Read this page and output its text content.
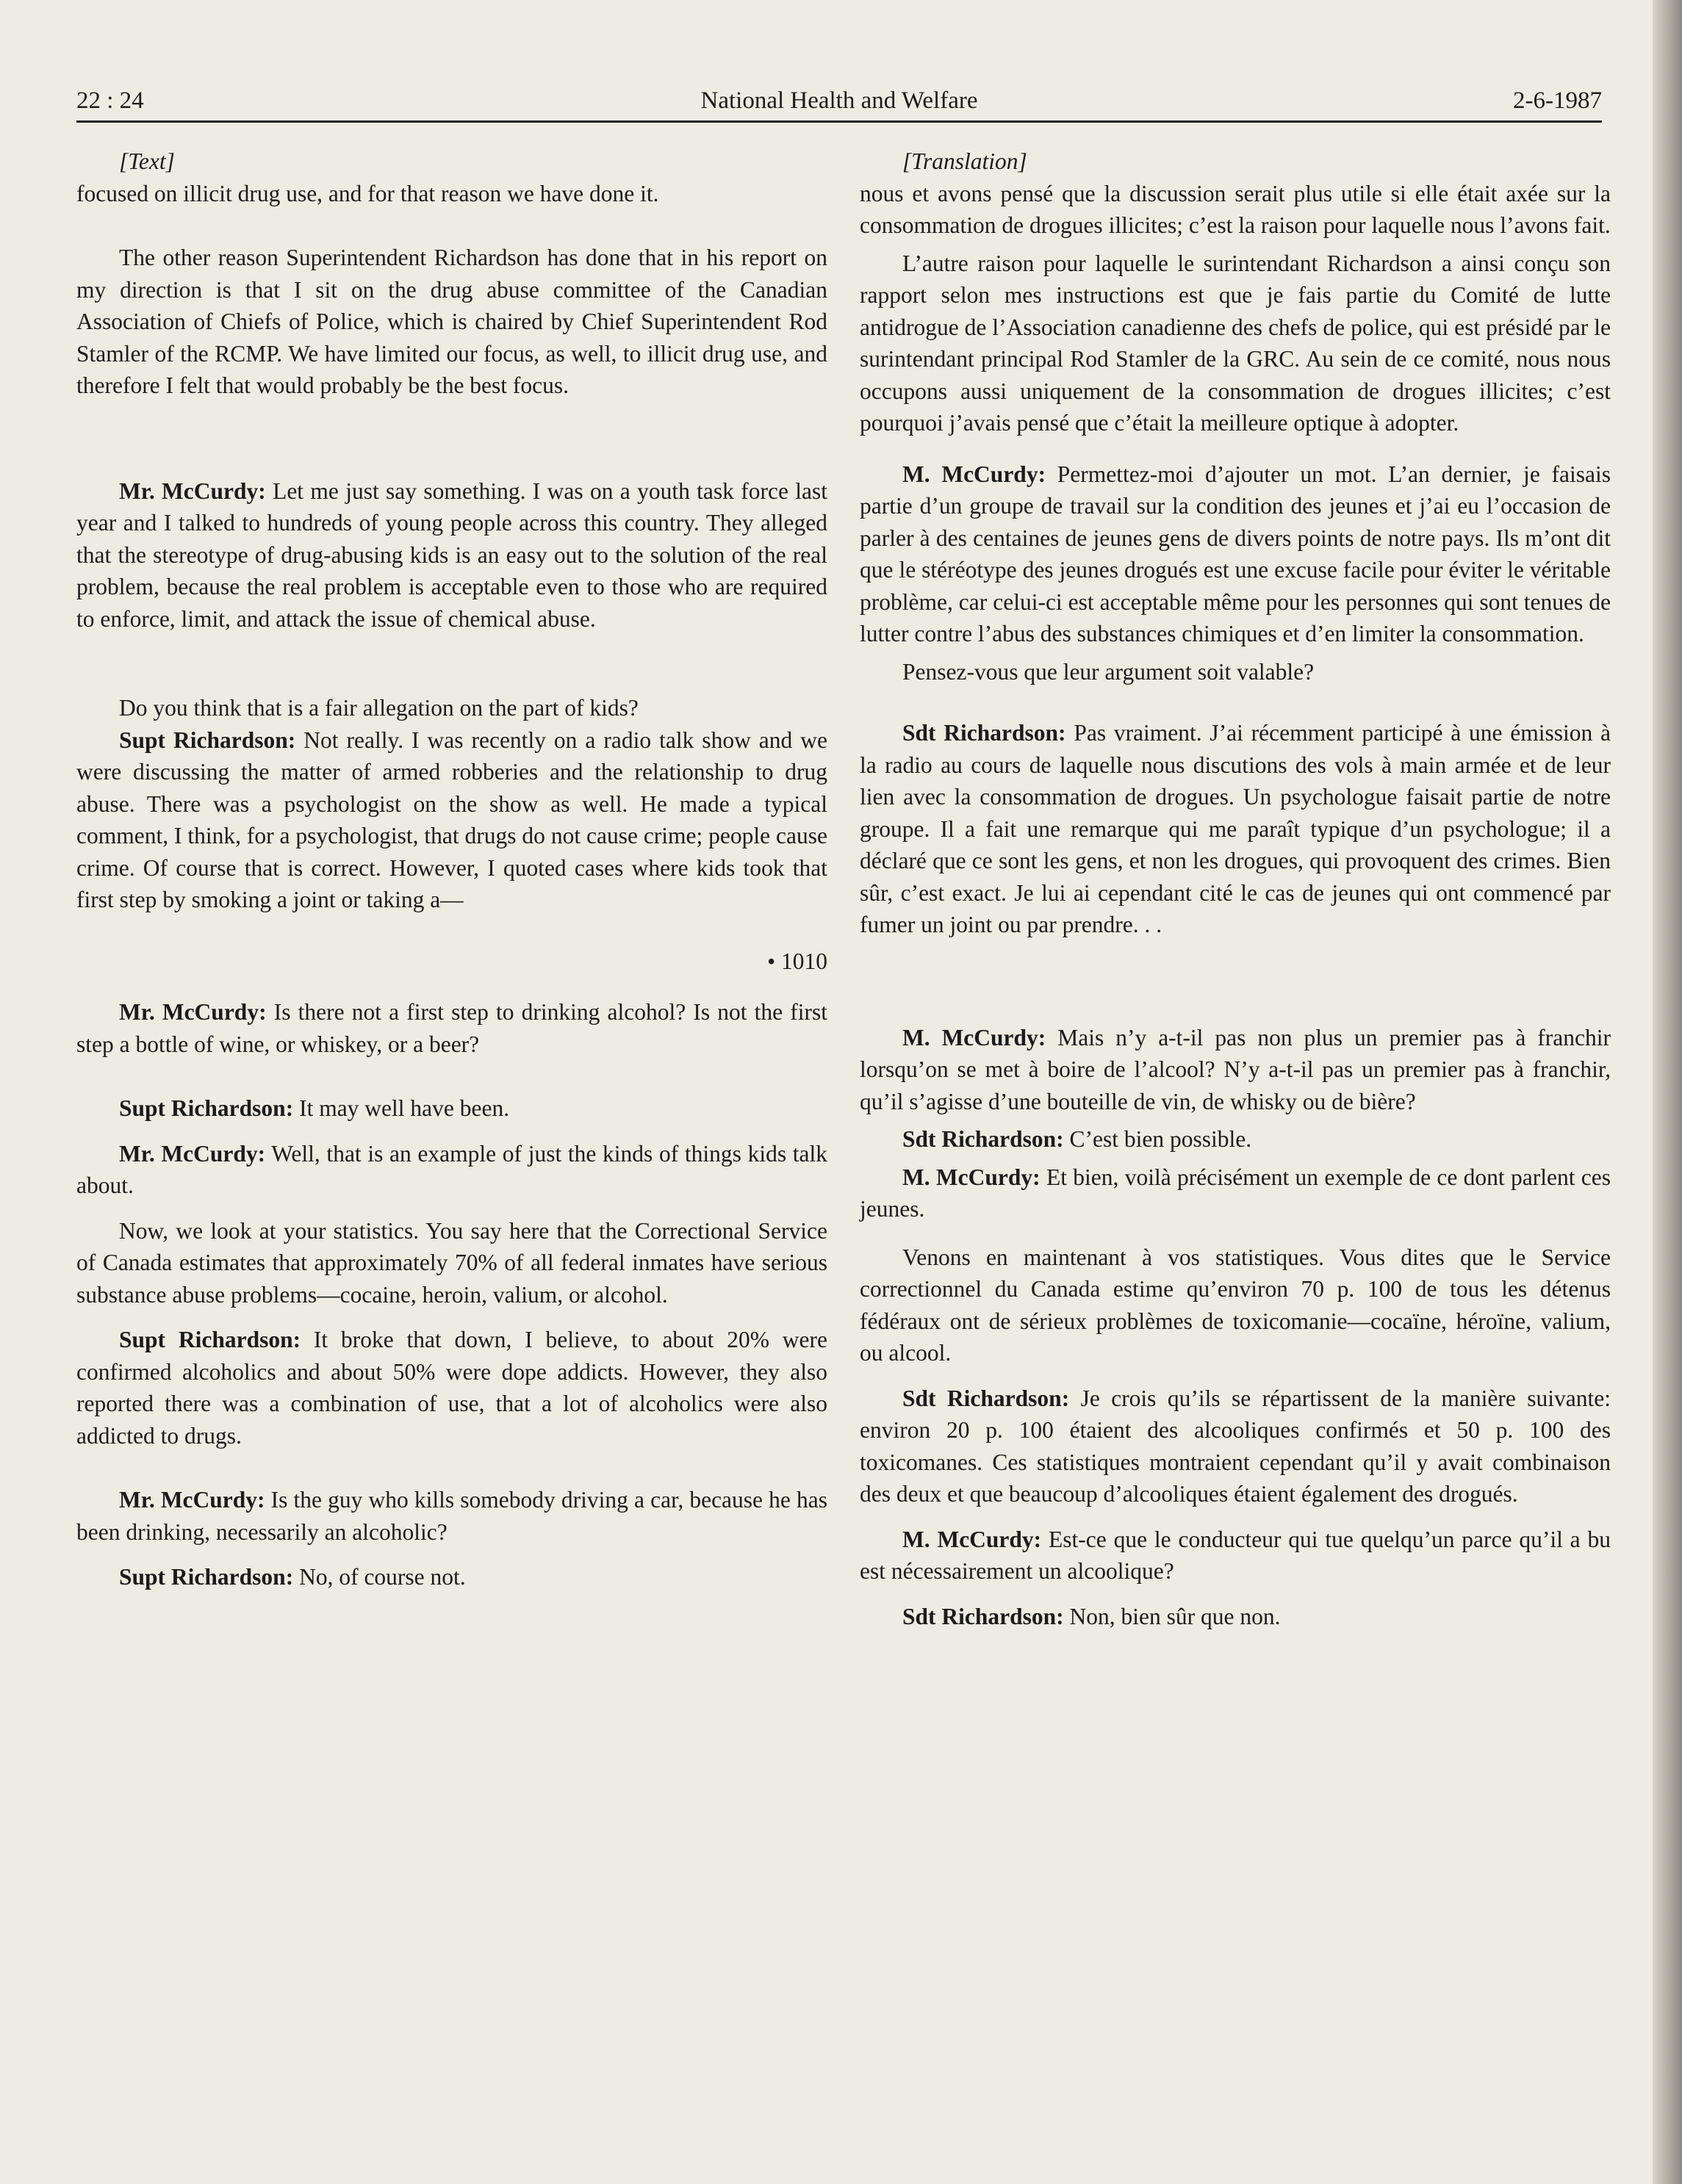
22 : 24	National Health and Welfare	2-6-1987

[Text]

focused on illicit drug use, and for that reason we have done it.

The other reason Superintendent Richardson has done that in his report on my direction is that I sit on the drug abuse committee of the Canadian Association of Chiefs of Police, which is chaired by Chief Superintendent Rod Stamler of the RCMP. We have limited our focus, as well, to illicit drug use, and therefore I felt that would probably be the best focus.

Mr. McCurdy: Let me just say something. I was on a youth task force last year and I talked to hundreds of young people across this country. They alleged that the stereotype of drug-abusing kids is an easy out to the solution of the real problem, because the real problem is acceptable even to those who are required to enforce, limit, and attack the issue of chemical abuse.

Do you think that is a fair allegation on the part of kids?

Supt Richardson: Not really. I was recently on a radio talk show and we were discussing the matter of armed robberies and the relationship to drug abuse. There was a psychologist on the show as well. He made a typical comment, I think, for a psychologist, that drugs do not cause crime; people cause crime. Of course that is correct. However, I quoted cases where kids took that first step by smoking a joint or taking a—

• 1010

Mr. McCurdy: Is there not a first step to drinking alcohol? Is not the first step a bottle of wine, or whiskey, or a beer?

Supt Richardson: It may well have been.

Mr. McCurdy: Well, that is an example of just the kinds of things kids talk about.

Now, we look at your statistics. You say here that the Correctional Service of Canada estimates that approximately 70% of all federal inmates have serious substance abuse problems—cocaine, heroin, valium, or alcohol.

Supt Richardson: It broke that down, I believe, to about 20% were confirmed alcoholics and about 50% were dope addicts. However, they also reported there was a combination of use, that a lot of alcoholics were also addicted to drugs.

Mr. McCurdy: Is the guy who kills somebody driving a car, because he has been drinking, necessarily an alcoholic?

Supt Richardson: No, of course not.

[Translation]

nous et avons pensé que la discussion serait plus utile si elle était axée sur la consommation de drogues illicites; c’est la raison pour laquelle nous l’avons fait.

L’autre raison pour laquelle le surintendant Richardson a ainsi conçu son rapport selon mes instructions est que je fais partie du Comité de lutte antidrogue de l’Association canadienne des chefs de police, qui est présidé par le surintendant principal Rod Stamler de la GRC. Au sein de ce comité, nous nous occupons aussi uniquement de la consommation de drogues illicites; c’est pourquoi j’avais pensé que c’était la meilleure optique à adopter.

M. McCurdy: Permettez-moi d’ajouter un mot. L’an dernier, je faisais partie d’un groupe de travail sur la condition des jeunes et j’ai eu l’occasion de parler à des centaines de jeunes gens de divers points de notre pays. Ils m’ont dit que le stéréotype des jeunes drogués est une excuse facile pour éviter le véritable problème, car celui-ci est acceptable même pour les personnes qui sont tenues de lutter contre l’abus des substances chimiques et d’en limiter la consommation.

Pensez-vous que leur argument soit valable?

Sdt Richardson: Pas vraiment. J’ai récemment participé à une émission à la radio au cours de laquelle nous discutions des vols à main armée et de leur lien avec la consommation de drogues. Un psychologue faisait partie de notre groupe. Il a fait une remarque qui me paraît typique d’un psychologue; il a déclaré que ce sont les gens, et non les drogues, qui provoquent des crimes. Bien sûr, c’est exact. Je lui ai cependant cité le cas de jeunes qui ont commencé par fumer un joint ou par prendre. . .

M. McCurdy: Mais n’y a-t-il pas non plus un premier pas à franchir lorsqu’on se met à boire de l’alcool? N’y a-t-il pas un premier pas à franchir, qu’il s’agisse d’une bouteille de vin, de whisky ou de bière?

Sdt Richardson: C’est bien possible.

M. McCurdy: Et bien, voilà précisément un exemple de ce dont parlent ces jeunes.

Venons en maintenant à vos statistiques. Vous dites que le Service correctionnel du Canada estime qu’environ 70 p. 100 de tous les détenus fédéraux ont de sérieux problèmes de toxicomanie—cocaïne, héroïne, valium, ou alcool.

Sdt Richardson: Je crois qu’ils se répartissent de la manière suivante: environ 20 p. 100 étaient des alcooliques confirmés et 50 p. 100 des toxicomanes. Ces statistiques montraient cependant qu’il y avait combinaison des deux et que beaucoup d’alcooliques étaient également des drogués.

M. McCurdy: Est-ce que le conducteur qui tue quelqu’un parce qu’il a bu est nécessairement un alcoolique?

Sdt Richardson: Non, bien sûr que non.
